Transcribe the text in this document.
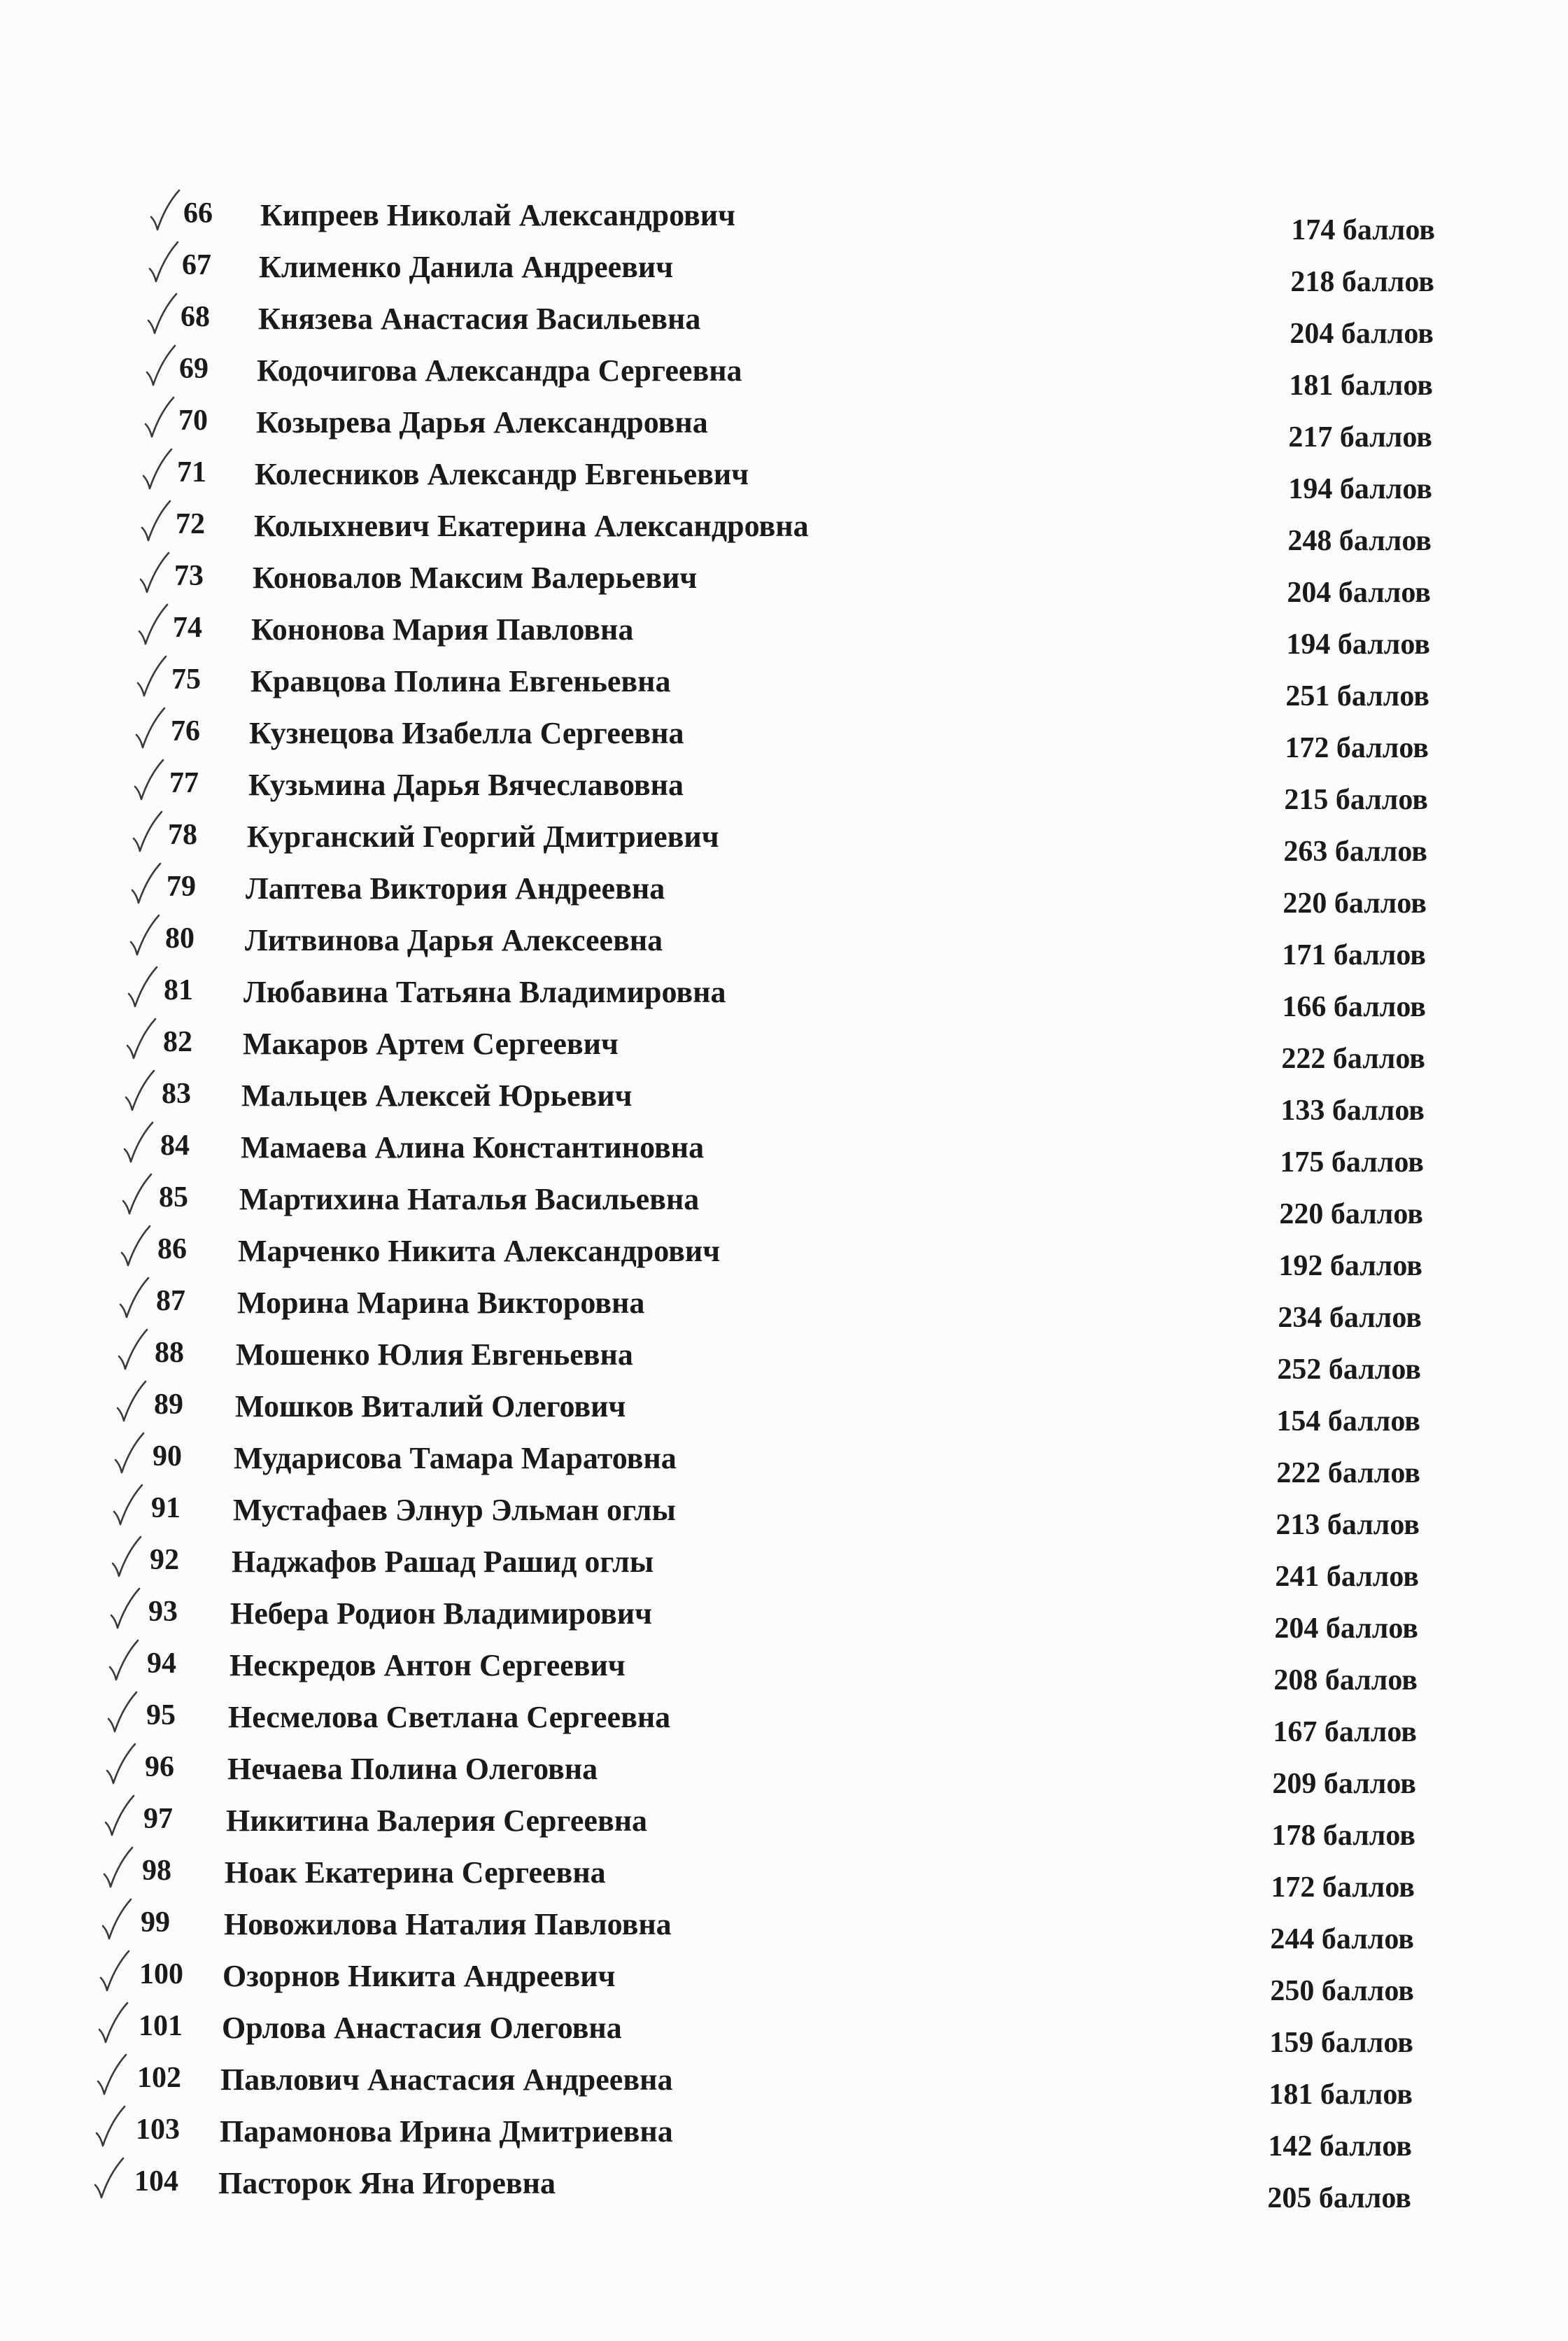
66 Кипреев Николай Александрович	174 баллов
67 Клименко Данила Андреевич	218 баллов
68 Князева Анастасия Васильевна	204 баллов
69 Кодочигова Александра Сергеевна	181 баллов
70 Козырева Дарья Александровна	217 баллов
71 Колесников Александр Евгеньевич	194 баллов
72 Колыхневич Екатерина Александровна	248 баллов
73 Коновалов Максим Валерьевич	204 баллов
74 Кононова Мария Павловна	194 баллов
75 Кравцова Полина Евгеньевна	251 баллов
76 Кузнецова Изабелла Сергеевна	172 баллов
77 Кузьмина Дарья Вячеславовна	215 баллов
78 Курганский Георгий Дмитриевич	263 баллов
79 Лаптева Виктория Андреевна	220 баллов
80 Литвинова Дарья Алексеевна	171 баллов
81 Любавина Татьяна Владимировна	166 баллов
82 Макаров Артем Сергеевич	222 баллов
83 Мальцев Алексей Юрьевич	133 баллов
84 Мамаева Алина Константиновна	175 баллов
85 Мартихина Наталья Васильевна	220 баллов
86 Марченко Никита Александрович	192 баллов
87 Морина Марина Викторовна	234 баллов
88 Мошенко Юлия Евгеньевна	252 баллов
89 Мошков Виталий Олегович	154 баллов
90 Мударисова Тамара Маратовна	222 баллов
91 Мустафаев Элнур Эльман оглы	213 баллов
92 Наджафов Рашад Рашид оглы	241 баллов
93 Небера Родион Владимирович	204 баллов
94 Нескредов Антон Сергеевич	208 баллов
95 Несмелова Светлана Сергеевна	167 баллов
96 Нечаева Полина Олеговна	209 баллов
97 Никитина Валерия Сергеевна	178 баллов
98 Ноак Екатерина Сергеевна	172 баллов
99 Новожилова Наталия Павловна	244 баллов
100 Озорнов Никита Андреевич	250 баллов
101 Орлова Анастасия Олеговна	159 баллов
102 Павлович Анастасия Андреевна	181 баллов
103 Парамонова Ирина Дмитриевна	142 баллов
104 Пасторок Яна Игоревна	205 баллов
